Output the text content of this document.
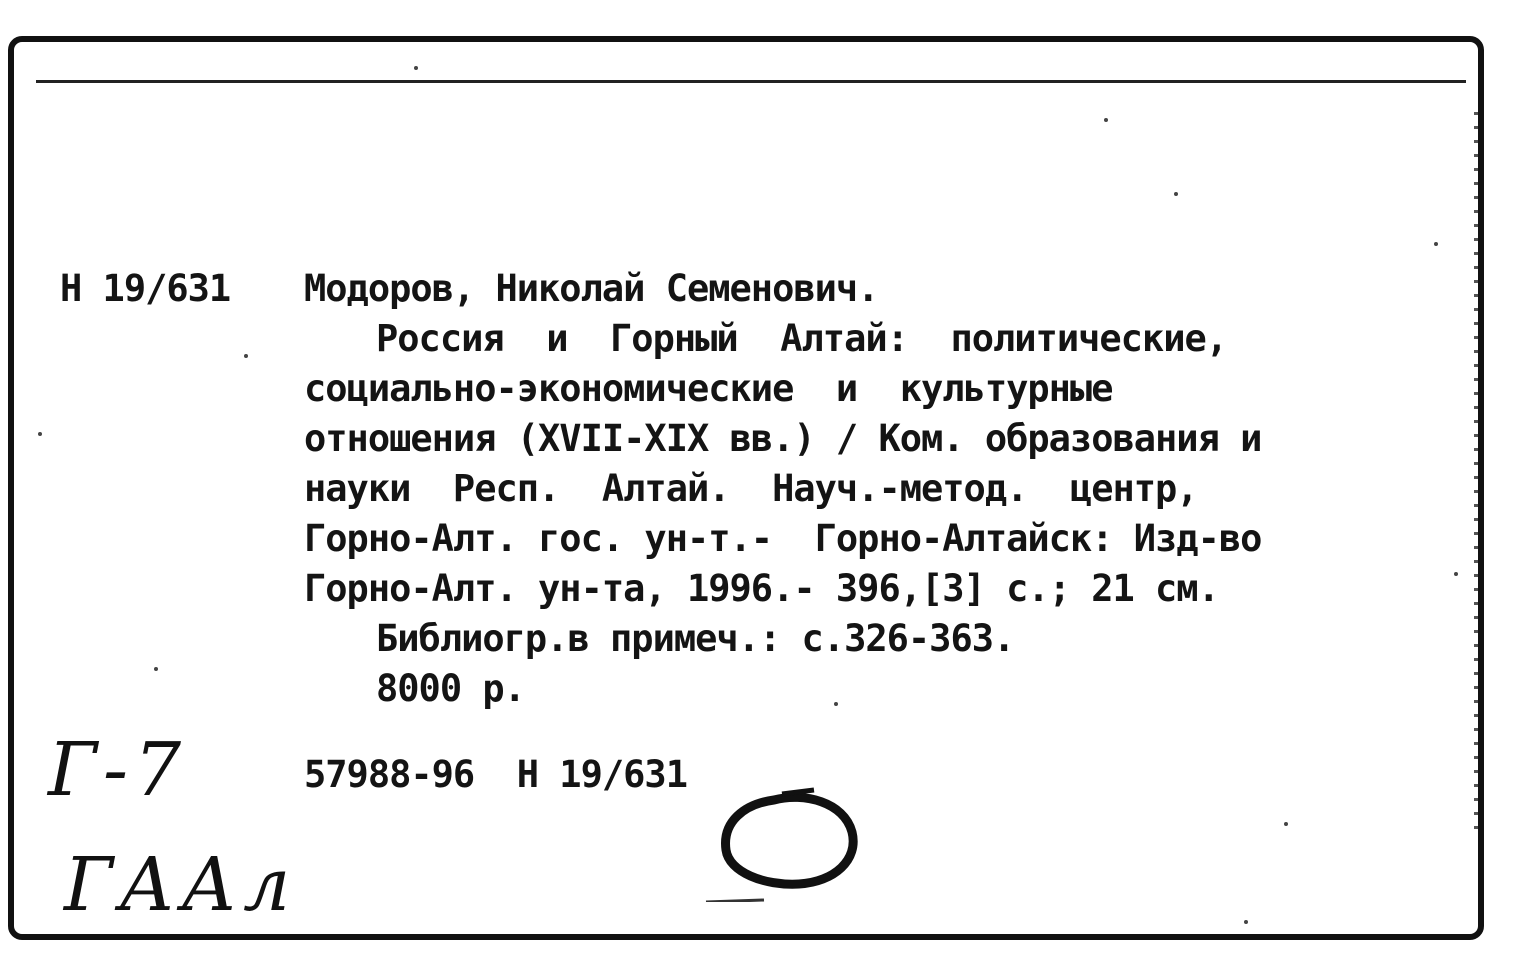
Н 19/631 Модоров, Николай Семенович.
Россия  и  Горный  Алтай:  политические,
социально-экономические  и  культурные
отношения (XVII-XIX вв.) / Ком. образования и
науки  Респ.  Алтай.  Науч.-метод.  центр,
Горно-Алт. гос. ун-т.-  Горно-Алтайск: Изд-во
Горно-Алт. ун-та, 1996.- 396,[3] с.; 21 см.
Библиогр.в примеч.: с.326-363.
8000 р.
57988-96  Н 19/631
Г-7
ГААл
